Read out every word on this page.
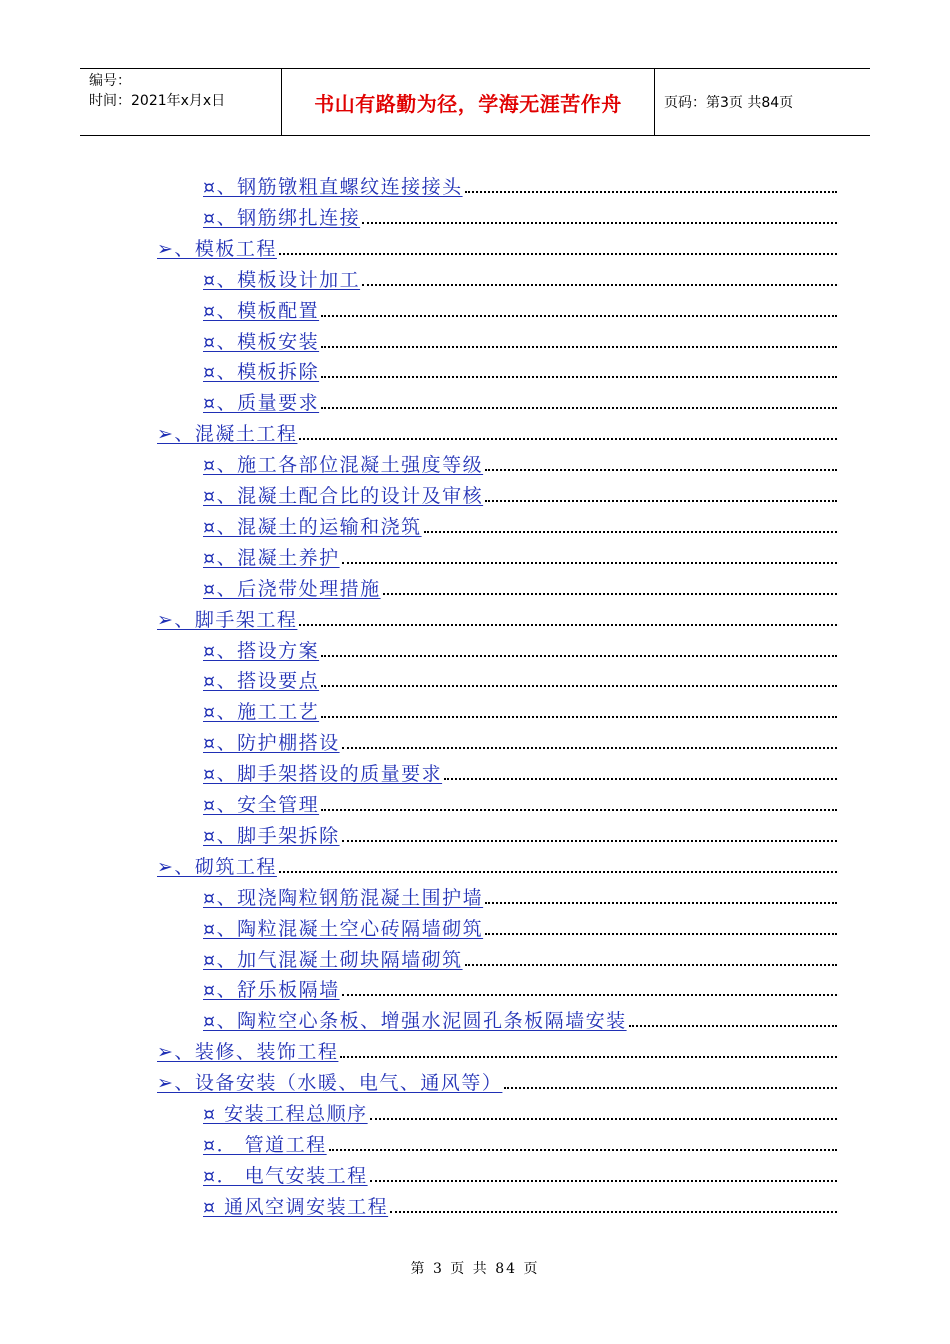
编号：
时间：2021年x月x日	书山有路勤为径，学海无涯苦作舟	页码：第3页 共84页
¤、钢筋镦粗直螺纹连接接头
¤、钢筋绑扎连接
➢、模板工程
¤、模板设计加工
¤、模板配置
¤、模板安装
¤、模板拆除
¤、质量要求
➢、混凝土工程
¤、施工各部位混凝土强度等级
¤、混凝土配合比的设计及审核
¤、混凝土的运输和浇筑
¤、混凝土养护
¤、后浇带处理措施
➢、脚手架工程
¤、搭设方案
¤、搭设要点
¤、施工工艺
¤、防护棚搭设
¤、脚手架搭设的质量要求
¤、安全管理
¤、脚手架拆除
➢、砌筑工程
¤、现浇陶粒钢筋混凝土围护墙
¤、陶粒混凝土空心砖隔墙砌筑
¤、加气混凝土砌块隔墙砌筑
¤、舒乐板隔墙
¤、陶粒空心条板、增强水泥圆孔条板隔墙安装
➢、装修、装饰工程
➢、设备安装（水暖、电气、通风等）
¤ 安装工程总顺序
¤． 管道工程
¤． 电气安装工程
¤ 通风空调安装工程
第 3 页 共 84 页
